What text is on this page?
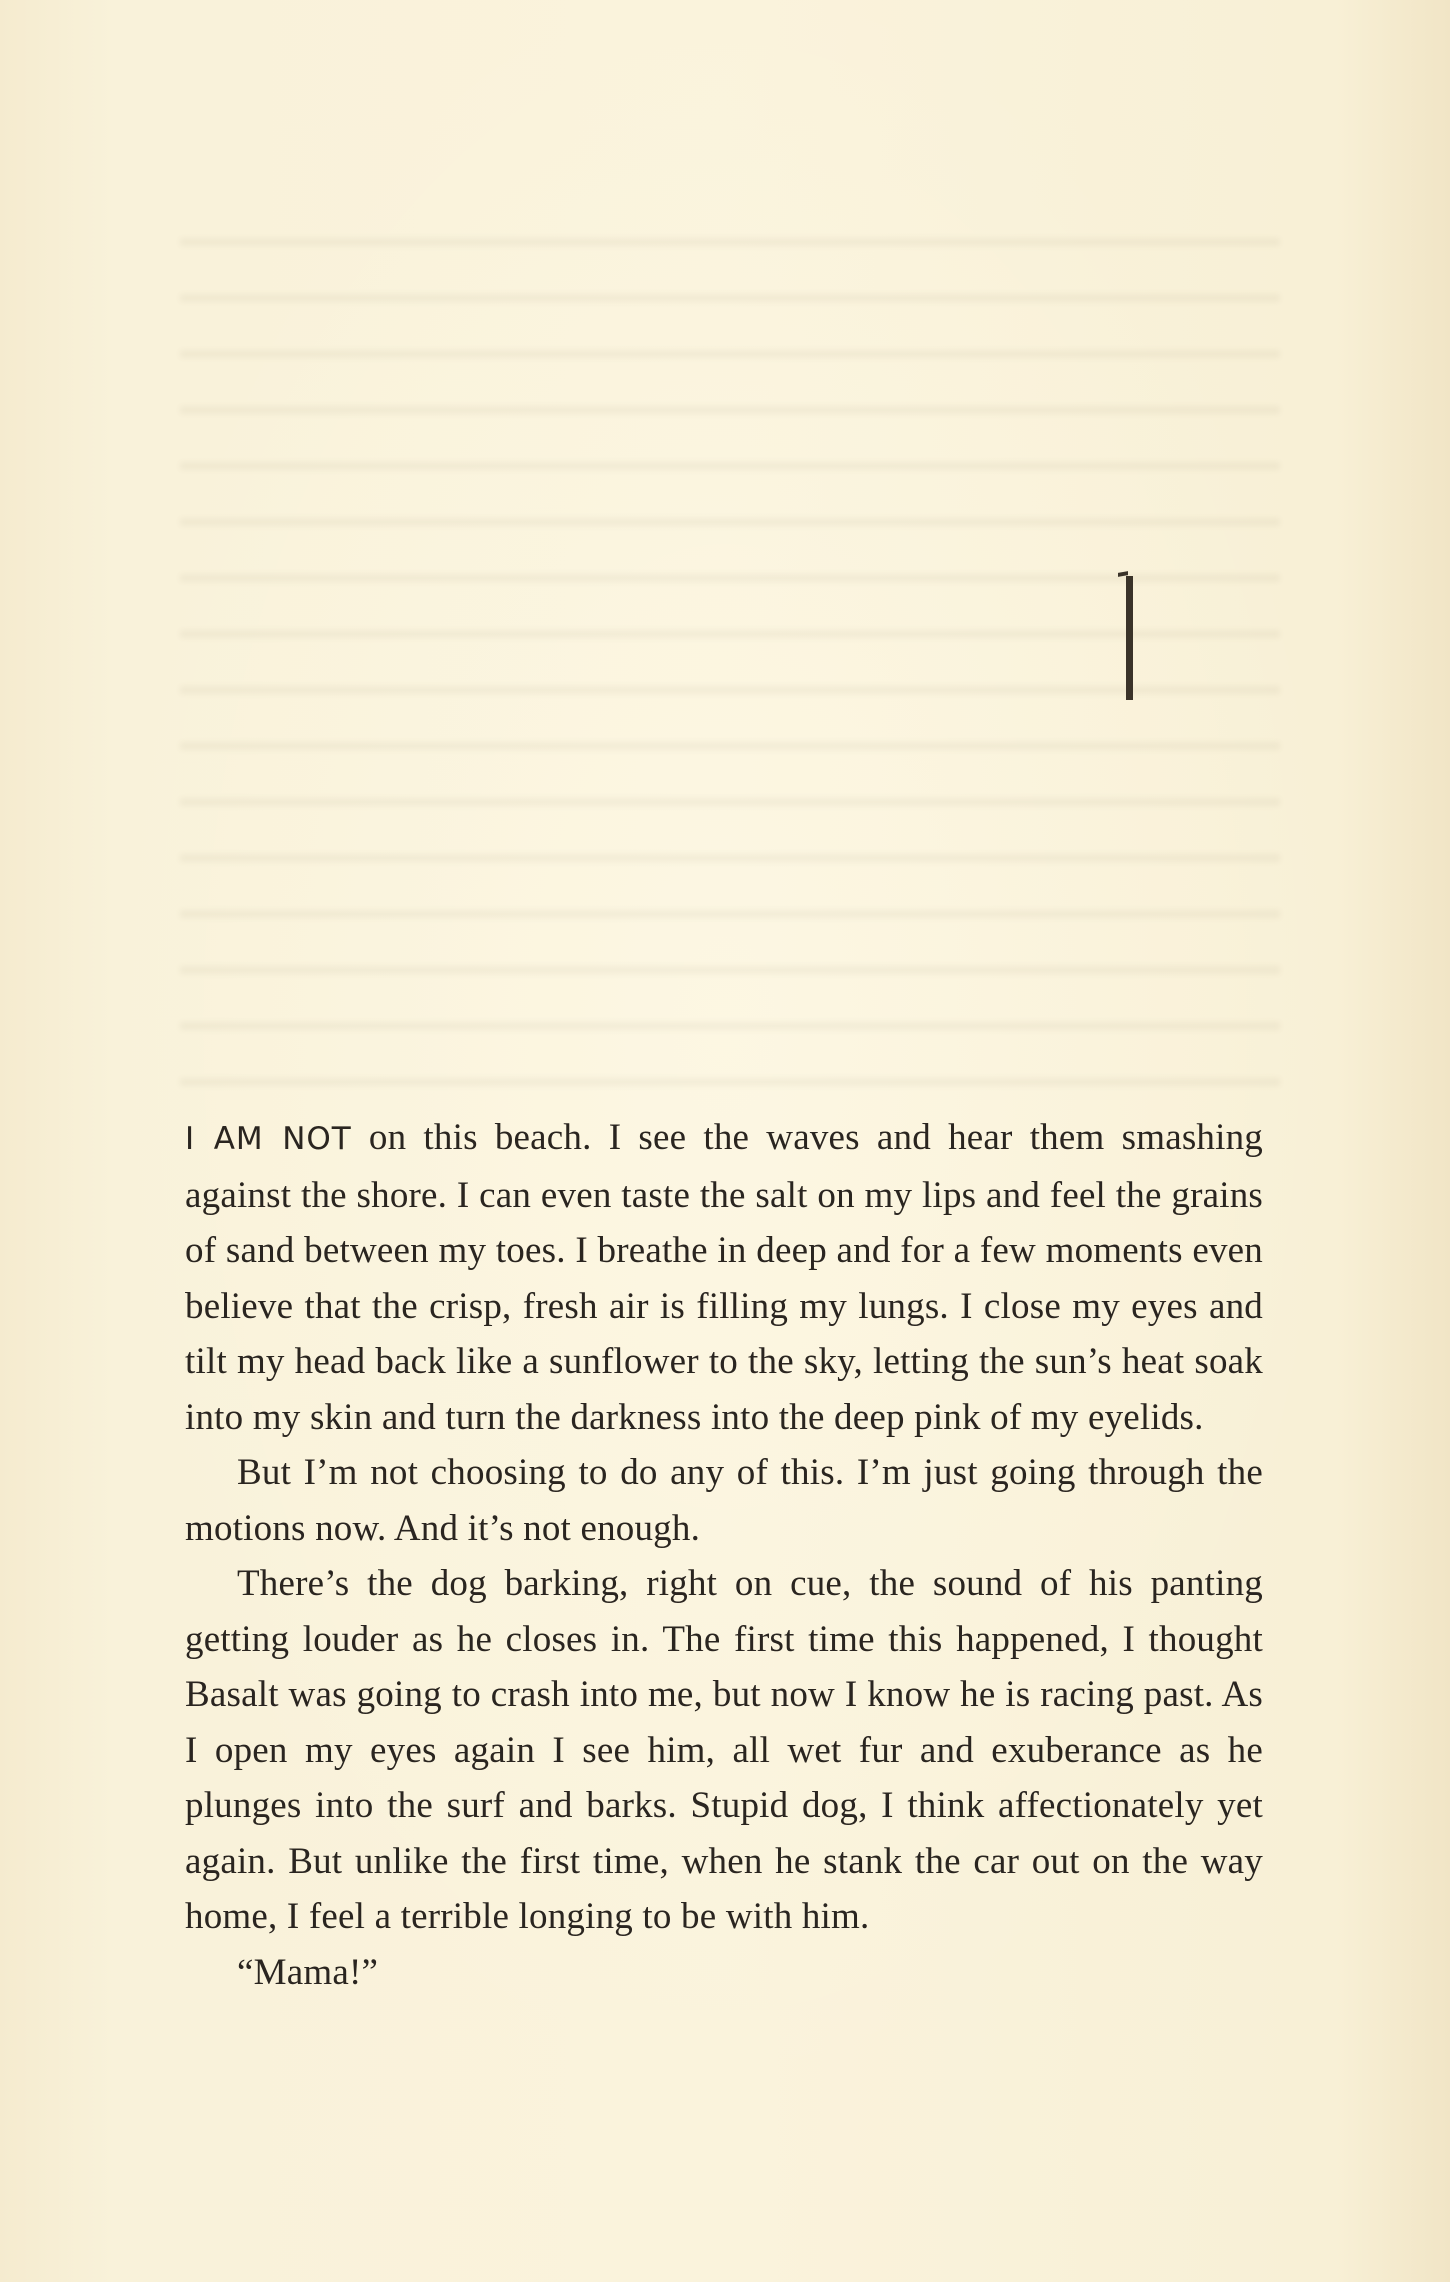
I AM NOT on this beach. I see the waves and hear them smashing against the shore. I can even taste the salt on my lips and feel the grains of sand between my toes. I breathe in deep and for a few moments even believe that the crisp, fresh air is filling my lungs. I close my eyes and tilt my head back like a sunflower to the sky, letting the sun’s heat soak into my skin and turn the darkness into the deep pink of my eyelids.

But I’m not choosing to do any of this. I’m just going through the motions now. And it’s not enough.

There’s the dog barking, right on cue, the sound of his panting getting louder as he closes in. The first time this happened, I thought Basalt was going to crash into me, but now I know he is racing past. As I open my eyes again I see him, all wet fur and exuberance as he plunges into the surf and barks. Stupid dog, I think affectionately yet again. But unlike the first time, when he stank the car out on the way home, I feel a terrible longing to be with him.

“Mama!”
